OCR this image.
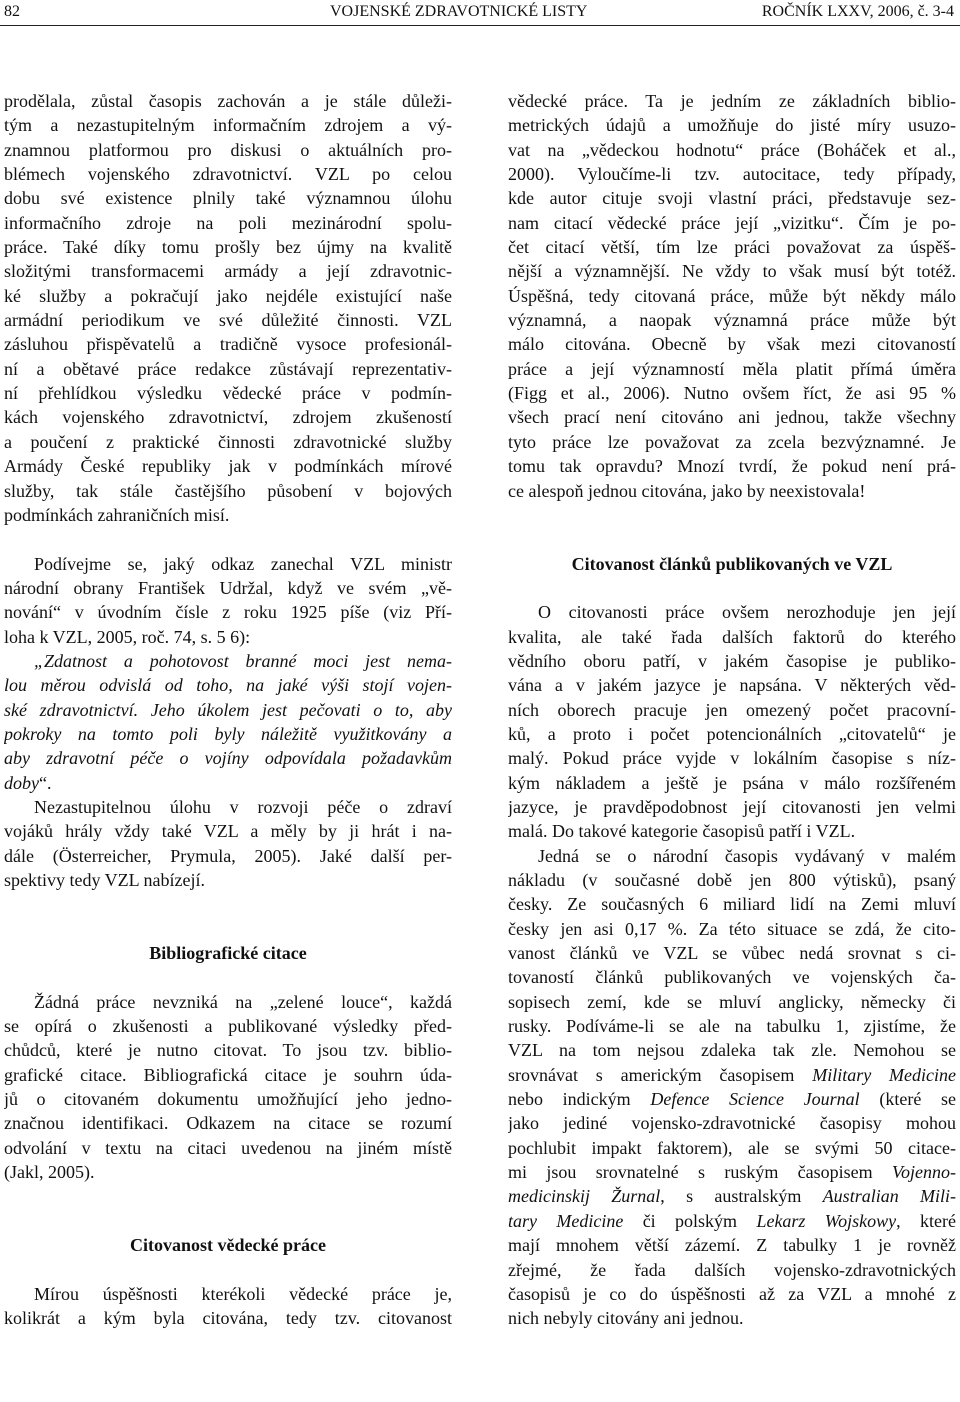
82	VOJENSKÉ ZDRAVOTNICKÉ LISTY	ROČNÍK LXXV, 2006, č. 3-4
prodělala, zůstal časopis zachován a je stále důleži-
tým a nezastupitelným informačním zdrojem a vý-
znamnou platformou pro diskusi o aktuálních pro-
blémech vojenského zdravotnictví. VZL po celou
dobu své existence plnily také významnou úlohu
informačního zdroje na poli mezinárodní spolu-
práce. Také díky tomu prošly bez újmy na kvalitě
složitými transformacemi armády a její zdravotnic-
ké služby a pokračují jako nejdéle existující naše
armádní periodikum ve své důležité činnosti. VZL
zásluhou přispěvatelů a tradičně vysoce profesionál-
ní a obětavé práce redakce zůstávají reprezentativ-
ní přehlídkou výsledku vědecké práce v podmín-
kách vojenského zdravotnictví, zdrojem zkušeností
a poučení z praktické činnosti zdravotnické služby
Armády České republiky jak v podmínkách mírové
služby, tak stále častějšího působení v bojových
podmínkách zahraničních misí.
Podívejme se, jaký odkaz zanechal VZL ministr
národní obrany František Udržal, když ve svém „vě-
nování“ v úvodním čísle z roku 1925 píše (viz Pří-
loha k VZL, 2005, roč. 74, s. 5 6):
„Zdatnost a pohotovost branné moci jest nema-
lou měrou odvislá od toho, na jaké výši stojí vojen-
ské zdravotnictví. Jeho úkolem jest pečovati o to, aby
pokroky na tomto poli byly náležitě využitkovány a
aby zdravotní péče o vojíny odpovídala požadavkům
doby“.
Nezastupitelnou úlohu v rozvoji péče o zdraví
vojáků hrály vždy také VZL a měly by ji hrát i na-
dále (Österreicher, Prymula, 2005). Jaké další per-
spektivy tedy VZL nabízejí.
Bibliografické citace
Žádná práce nevzniká na „zelené louce“, každá
se opírá o zkušenosti a publikované výsledky před-
chůdců, které je nutno citovat. To jsou tzv. biblio-
grafické citace. Bibliografická citace je souhrn úda-
jů o citovaném dokumentu umožňující jeho jedno-
značnou identifikaci. Odkazem na citace se rozumí
odvolání v textu na citaci uvedenou na jiném místě
(Jakl, 2005).
Citovanost vědecké práce
Mírou úspěšnosti kterékoli vědecké práce je,
kolikrát a kým byla citována, tedy tzv. citovanost
vědecké práce. Ta je jedním ze základních biblio-
metrických údajů a umožňuje do jisté míry usuzo-
vat na „vědeckou hodnotu“ práce (Boháček et al.,
2000). Vyloučíme-li tzv. autocitace, tedy případy,
kde autor cituje svoji vlastní práci, představuje sez-
nam citací vědecké práce její „vizitku“. Čím je po-
čet citací větší, tím lze práci považovat za úspěš-
nější a významnější. Ne vždy to však musí být totéž.
Úspěšná, tedy citovaná práce, může být někdy málo
významná, a naopak významná práce může být
málo citována. Obecně by však mezi citovaností
práce a její významností měla platit přímá úměra
(Figg et al., 2006). Nutno ovšem říct, že asi 95 %
všech prací není citováno ani jednou, takže všechny
tyto práce lze považovat za zcela bezvýznamné. Je
tomu tak opravdu? Mnozí tvrdí, že pokud není prá-
ce alespoň jednou citována, jako by neexistovala!
Citovanost článků publikovaných ve VZL
O citovanosti práce ovšem nerozhoduje jen její
kvalita, ale také řada dalších faktorů do kterého
vědního oboru patří, v jakém časopise je publiko-
vána a v jakém jazyce je napsána. V některých věd-
ních oborech pracuje jen omezený počet pracovní-
ků, a proto i počet potencionálních „citovatelů“ je
malý. Pokud práce vyjde v lokálním časopise s níz-
kým nákladem a ještě je psána v málo rozšířeném
jazyce, je pravděpodobnost její citovanosti jen velmi
malá. Do takové kategorie časopisů patří i VZL.
Jedná se o národní časopis vydávaný v malém
nákladu (v současné době jen 800 výtisků), psaný
česky. Ze současných 6 miliard lidí na Zemi mluví
česky jen asi 0,17 %. Za této situace se zdá, že cito-
vanost článků ve VZL se vůbec nedá srovnat s ci-
tovaností článků publikovaných ve vojenských ča-
sopisech zemí, kde se mluví anglicky, německy či
rusky. Podíváme-li se ale na tabulku 1, zjistíme, že
VZL na tom nejsou zdaleka tak zle. Nemohou se
srovnávat s americkým časopisem Military Medicine
nebo indickým Defence Science Journal (které se
jako jediné vojensko-zdravotnické časopisy mohou
pochlubit impakt faktorem), ale se svými 50 citace-
mi jsou srovnatelné s ruským časopisem Vojenno-
medicinskij Žurnal, s australským Australian Mili-
tary Medicine či polským Lekarz Wojskowy, které
mají mnohem větší zázemí. Z tabulky 1 je rovněž
zřejmé, že řada dalších vojensko-zdravotnických
časopisů je co do úspěšnosti až za VZL a mnohé z
nich nebyly citovány ani jednou.
